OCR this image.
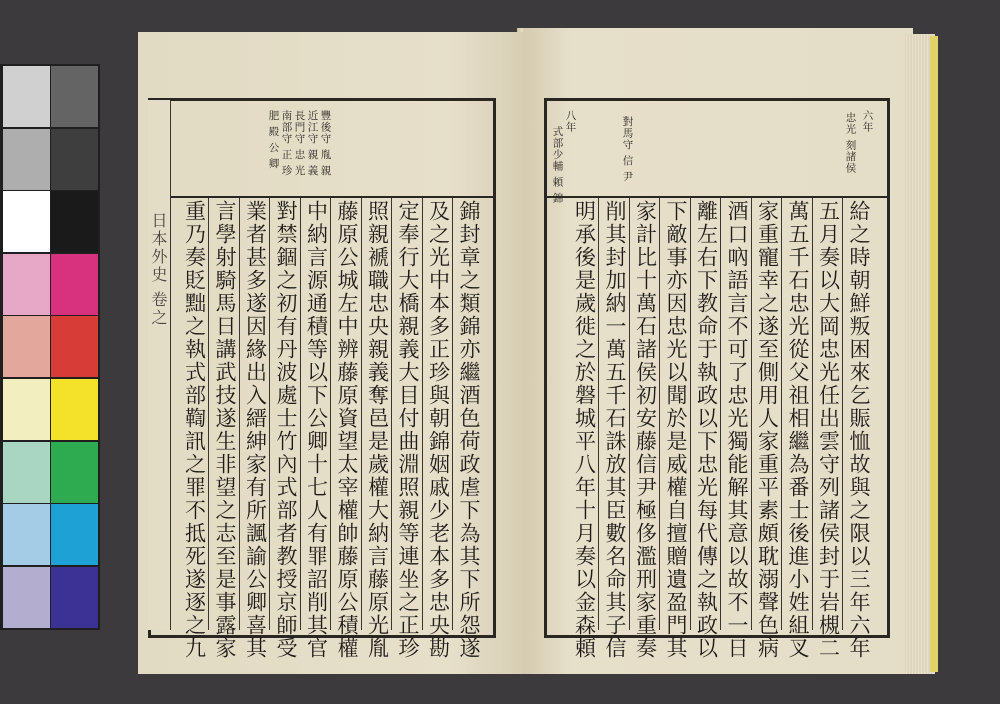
日本外史 卷之
豐後守 胤 親
近江守 親 義
長門守 忠 光
南部守 正 珍
肥 殿 公 卿
錦封章之類錦亦繼酒色荷政虐下為其下所怨遂
及之光中本多正珍與朝錦姻戚少老本多忠央勘
定奉行大橋親義大目付曲淵照親等連坐之正珍
照親褫職忠央親義奪邑是歲權大納言藤原光胤
藤原公城左中辨藤原資望太宰權帥藤原公積權
中納言源通積等以下公卿十七人有罪詔削其官
對禁錮之初有丹波處士竹內式部者教授京師受
業者甚多遂因緣出入縉紳家有所諷諭公卿喜其
言學射騎馬日講武技遂生非望之志至是事露家
重乃奏貶黜之執式部鞫訊之罪不抵死遂逐之九
六年
忠光 刻諸侯
對馬守 信 尹
八年
式部少輔 頼 錦
給之時朝鮮叛困來乞賑恤故與之限以三年六年
五月奏以大岡忠光任出雲守列諸侯封于岩槻二
萬五千石忠光從父祖相繼為番士後進小姓組叉
家重寵幸之遂至側用人家重平素頗耽溺聲色病
酒口吶語言不可了忠光獨能解其意以故不一日
離左右下教命于執政以下忠光每代傳之執政以
下敵事亦因忠光以聞於是威權自擅贈遺盈門其
家計比十萬石諸侯初安藤信尹極侈濫刑家重奏
削其封加納一萬五千石誅放其臣數名命其子信
明承後是歲徙之於磐城平八年十月奏以金森頼
